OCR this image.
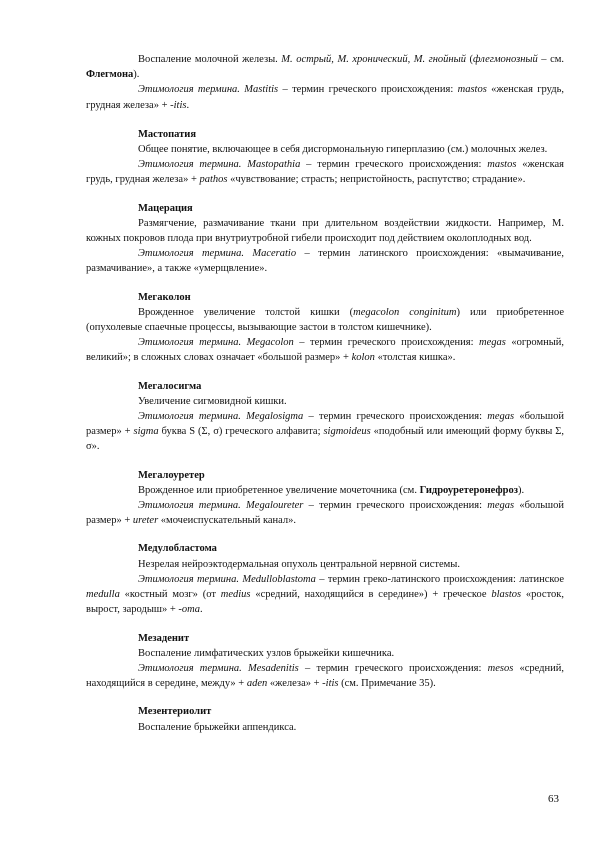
Воспаление молочной железы. М. острый, М. хронический, М. гнойный (флегмонозный – см. Флегмона).

Этимология термина. Mastitis – термин греческого происхождения: mastos «женская грудь, грудная железа» + -itis.

Мастопатия

Общее понятие, включающее в себя дисгормональную гиперплазию (см.) молочных желез.

Этимология термина. Mastopathia – термин греческого происхождения: mastos «женская грудь, грудная железа» + pathos «чувствование; страсть; непристойность, распутство; страдание».

Мацерация

Размягчение, размачивание ткани при длительном воздействии жидкости. Например, М. кожных покровов плода при внутриутробной гибели происходит под действием околоплодных вод.

Этимология термина. Maceratio – термин латинского происхождения: «вымачивание, размачивание», а также «умерщвление».

Мегаколон

Врожденное увеличение толстой кишки (megacolon conginitum) или приобретенное (опухолевые спаечные процессы, вызывающие застои в толстом кишечнике).

Этимология термина. Megacolon – термин греческого происхождения: megas «огромный, великий»; в сложных словах означает «большой размер» + kolon «толстая кишка».

Мегалосигма

Увеличение сигмовидной кишки.

Этимология термина. Megalosigma – термин греческого происхождения: megas «большой размер» + sigma буква S (Σ, σ) греческого алфавита; sigmoideus «подобный или имеющий форму буквы Σ, σ».

Мегалоуретер

Врожденное или приобретенное увеличение мочеточника (см. Гидроуретеронефроз).

Этимология термина. Megaloureter – термин греческого происхождения: megas «большой размер» + ureter «мочеиспускательный канал».

Медулобластома

Незрелая нейроэктодермальная опухоль центральной нервной системы.

Этимология термина. Medulloblastoma – термин греко-латинского происхождения: латинское medulla «костный мозг» (от medius «средний, находящийся в середине») + греческое blastos «росток, вырост, зародыш» + -oma.

Мезаденит

Воспаление лимфатических узлов брыжейки кишечника.

Этимология термина. Mesadenitis – термин греческого происхождения: mesos «средний, находящийся в середине, между» + aden «железа» + -itis (см. Примечание 35).

Мезентериолит

Воспаление брыжейки аппендикса.

63
